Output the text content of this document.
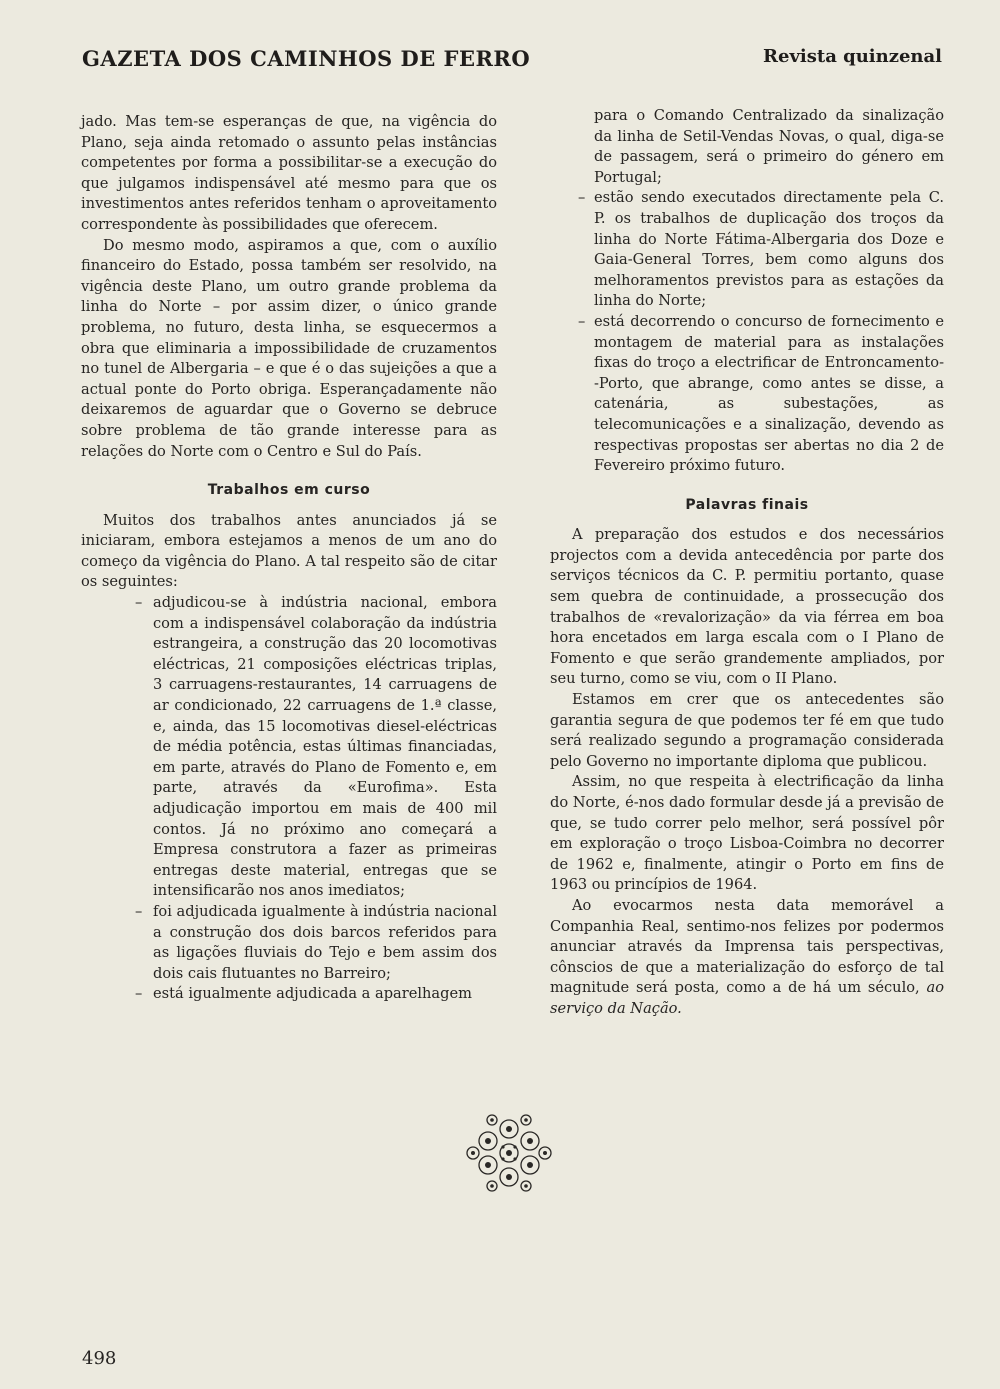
GAZETA DOS CAMINHOS DE FERRO	Revista quinzenal

jado. Mas tem-se esperanças de que, na vigência do Plano, seja ainda retomado o assunto pelas instâncias competentes por forma a possibilitar-se a execução do que julgamos indispensável até mesmo para que os investimentos antes referidos tenham o aproveitamento correspondente às possibilidades que oferecem.

Do mesmo modo, aspiramos a que, com o auxílio financeiro do Estado, possa também ser resolvido, na vigência deste Plano, um outro grande problema da linha do Norte – por assim dizer, o único grande problema, no futuro, desta linha, se esquecermos a obra que eliminaria a impossibilidade de cruzamentos no tunel de Albergaria – e que é o das sujeições a que a actual ponte do Porto obriga. Esperançadamente não deixaremos de aguardar que o Governo se debruce sobre problema de tão grande interesse para as relações do Norte com o Centro e Sul do País.

Trabalhos em curso

Muitos dos trabalhos antes anunciados já se iniciaram, embora estejamos a menos de um ano do começo da vigência do Plano. A tal respeito são de citar os seguintes:

– adjudicou-se à indústria nacional, embora com a indispensável colaboração da indústria estrangeira, a construção das 20 locomotivas eléctricas, 21 composições eléctricas triplas, 3 carruagens-restaurantes, 14 carruagens de ar condicionado, 22 carruagens de 1.ª classe, e, ainda, das 15 locomotivas diesel-eléctricas de média potência, estas últimas financiadas, em parte, através do Plano de Fomento e, em parte, através da «Eurofima». Esta adjudicação importou em mais de 400 mil contos. Já no próximo ano começará a Empresa construtora a fazer as primeiras entregas deste material, entregas que se intensificarão nos anos imediatos;

– foi adjudicada igualmente à indústria nacional a construção dos dois barcos referidos para as ligações fluviais do Tejo e bem assim dos dois cais flutuantes no Barreiro;

– está igualmente adjudicada a aparelhagem

para o Comando Centralizado da sinalização da linha de Setil-Vendas Novas, o qual, diga-se de passagem, será o primeiro do género em Portugal;

– estão sendo executados directamente pela C. P. os trabalhos de duplicação dos troços da linha do Norte Fátima-Albergaria dos Doze e Gaia-General Torres, bem como alguns dos melhoramentos previstos para as estações da linha do Norte;

– está decorrendo o concurso de fornecimento e montagem de material para as instalações fixas do troço a electrificar de Entroncamento--Porto, que abrange, como antes se disse, a catenária, as subestações, as telecomunicações e a sinalização, devendo as respectivas propostas ser abertas no dia 2 de Fevereiro próximo futuro.

Palavras finais

A preparação dos estudos e dos necessários projectos com a devida antecedência por parte dos serviços técnicos da C. P. permitiu portanto, quase sem quebra de continuidade, a prossecução dos trabalhos de «revalorização» da via férrea em boa hora encetados em larga escala com o I Plano de Fomento e que serão grandemente ampliados, por seu turno, como se viu, com o II Plano.

Estamos em crer que os antecedentes são garantia segura de que podemos ter fé em que tudo será realizado segundo a programação considerada pelo Governo no importante diploma que publicou.

Assim, no que respeita à electrificação da linha do Norte, é-nos dado formular desde já a previsão de que, se tudo correr pelo melhor, será possível pôr em exploração o troço Lisboa-Coimbra no decorrer de 1962 e, finalmente, atingir o Porto em fins de 1963 ou princípios de 1964.

Ao evocarmos nesta data memorável a Companhia Real, sentimo-nos felizes por podermos anunciar através da Imprensa tais perspectivas, cônscios de que a materialização do esforço de tal magnitude será posta, como a de há um século, ao serviço da Nação.

498
